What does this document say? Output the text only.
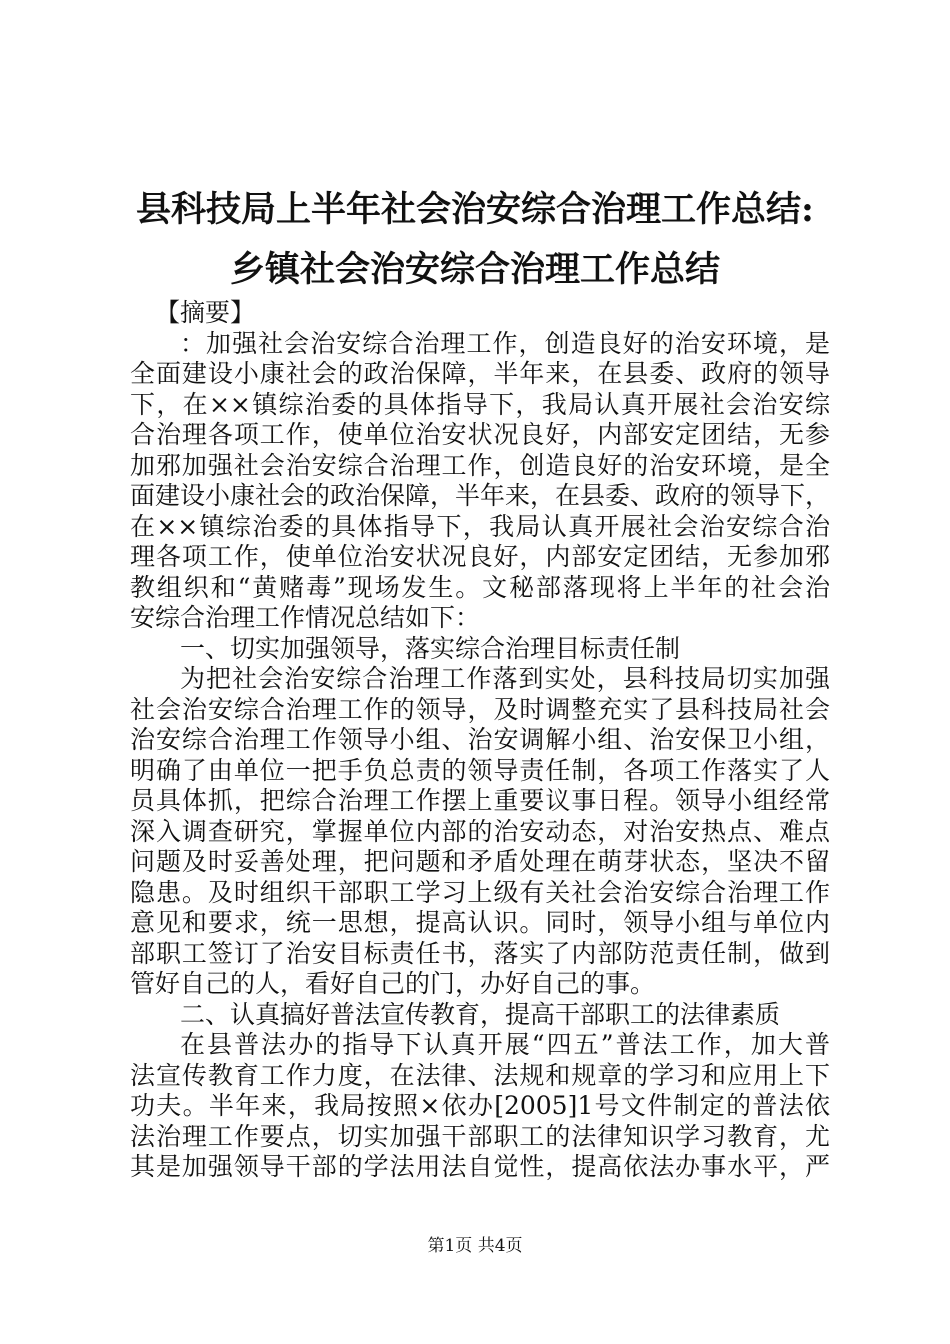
县科技局上半年社会治安综合治理工作总结:
乡镇社会治安综合治理工作总结
【摘要】
：加强社会治安综合治理工作，创造良好的治安环境，是
全面建设小康社会的政治保障，半年来，在县委、政府的领导
下，在××镇综治委的具体指导下，我局认真开展社会治安综
合治理各项工作，使单位治安状况良好，内部安定团结，无参
加邪加强社会治安综合治理工作，创造良好的治安环境，是全
面建设小康社会的政治保障，半年来，在县委、政府的领导下，
在××镇综治委的具体指导下，我局认真开展社会治安综合治
理各项工作，使单位治安状况良好，内部安定团结，无参加邪
教组织和“黄赌毒”现场发生。文秘部落现将上半年的社会治
安综合治理工作情况总结如下：
一、切实加强领导，落实综合治理目标责任制
为把社会治安综合治理工作落到实处，县科技局切实加强
社会治安综合治理工作的领导，及时调整充实了县科技局社会
治安综合治理工作领导小组、治安调解小组、治安保卫小组，
明确了由单位一把手负总责的领导责任制，各项工作落实了人
员具体抓，把综合治理工作摆上重要议事日程。领导小组经常
深入调查研究，掌握单位内部的治安动态，对治安热点、难点
问题及时妥善处理，把问题和矛盾处理在萌芽状态，坚决不留
隐患。及时组织干部职工学习上级有关社会治安综合治理工作
意见和要求，统一思想，提高认识。同时，领导小组与单位内
部职工签订了治安目标责任书，落实了内部防范责任制，做到
管好自己的人，看好自己的门，办好自己的事。
二、认真搞好普法宣传教育，提高干部职工的法律素质
在县普法办的指导下认真开展“四五”普法工作，加大普
法宣传教育工作力度，在法律、法规和规章的学习和应用上下
功夫。半年来，我局按照×依办[2005]1号文件制定的普法依
法治理工作要点，切实加强干部职工的法律知识学习教育，尤
其是加强领导干部的学法用法自觉性，提高依法办事水平，严
第1页 共4页
